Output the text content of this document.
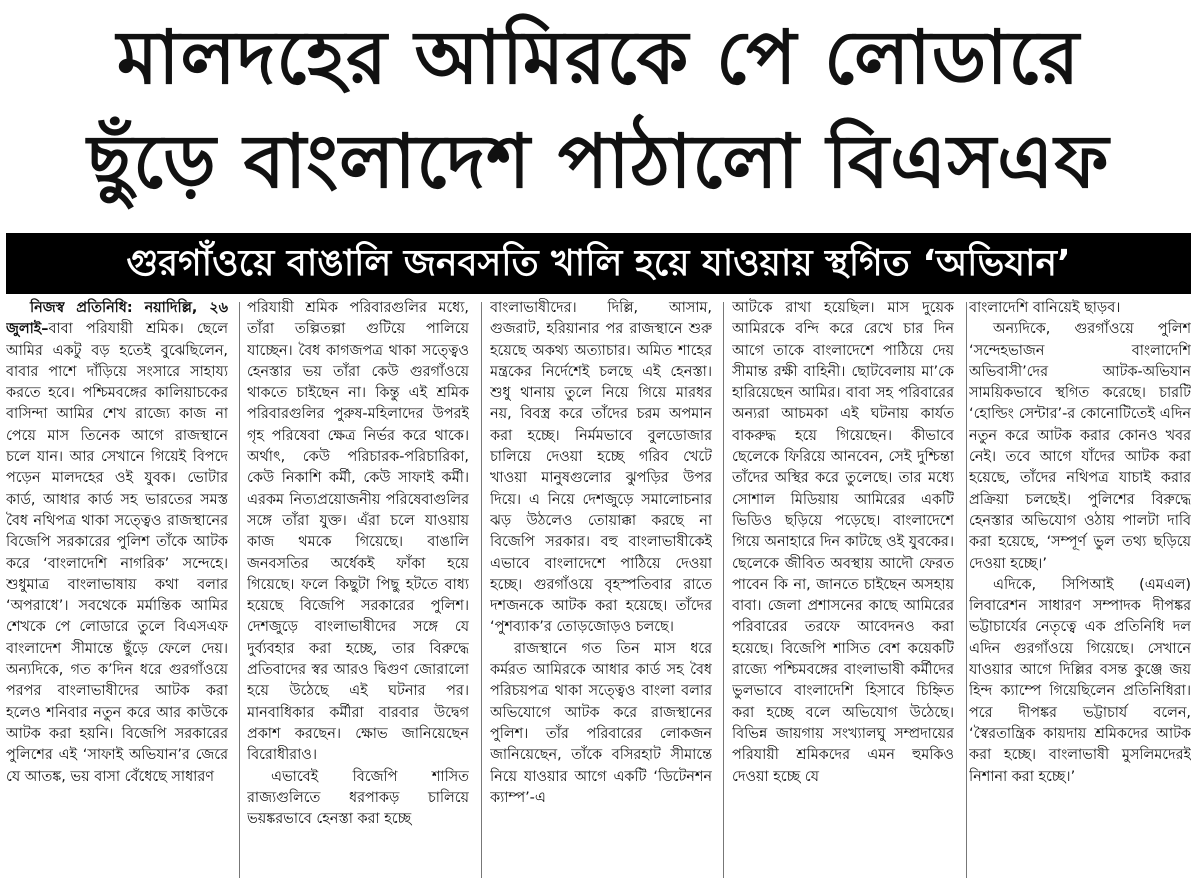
মালদহের আমিরকে পে লোডারে
ছুঁড়ে বাংলাদেশ পাঠালো বিএসএফ
গুরগাঁওয়ে বাঙালি জনবসতি খালি হয়ে যাওয়ায় স্থগিত ‘অভিযান’

নিজস্ব প্রতিনিধি: নয়াদিল্লি, ২৬ জুলাই–বাবা পরিযায়ী শ্রমিক। ছেলে আমির একটু বড় হতেই বুঝেছিলেন, বাবার পাশে দাঁড়িয়ে সংসারে সাহায্য করতে হবে। পশ্চিমবঙ্গের কালিয়াচকের বাসিন্দা আমির শেখ রাজ্যে কাজ না পেয়ে মাস তিনেক আগে রাজস্থানে চলে যান। আর সেখানে গিয়েই বিপদে পড়েন মালদহের ওই যুবক। ভোটার কার্ড, আধার কার্ড সহ ভারতের সমস্ত বৈধ নথিপত্র থাকা সত্ত্বেও রাজস্থানের বিজেপি সরকারের পুলিশ তাঁকে আটক করে ‘বাংলাদেশি নাগরিক’ সন্দেহে। শুধুমাত্র বাংলাভাষায় কথা বলার ‘অপরাধে’। সবথেকে মর্মান্তিক আমির শেখকে পে লোডারে তুলে বিএসএফ বাংলাদেশ সীমান্তে ছুঁড়ে ফেলে দেয়। অন্যদিকে, গত ক’দিন ধরে গুরগাঁওয়ে পরপর বাংলাভাষীদের আটক করা হলেও শনিবার নতুন করে আর কাউকে আটক করা হয়নি। বিজেপি সরকারের পুলিশের এই ‘সাফাই অভিযান’র জেরে যে আতঙ্ক, ভয় বাসা বেঁধেছে সাধারণ

পরিযায়ী শ্রমিক পরিবারগুলির মধ্যে, তাঁরা তল্পিতল্পা গুটিয়ে পালিয়ে যাচ্ছেন। বৈধ কাগজপত্র থাকা সত্ত্বেও হেনস্তার ভয় তাঁরা কেউ গুরগাঁওয়ে থাকতে চাইছেন না। কিন্তু এই শ্রমিক পরিবারগুলির পুরুষ-মহিলাদের উপরই গৃহ পরিষেবা ক্ষেত্র নির্ভর করে থাকে। অর্থাৎ, কেউ পরিচারক-পরিচারিকা, কেউ নিকাশি কর্মী, কেউ সাফাই কর্মী। এরকম নিত্যপ্রয়োজনীয় পরিষেবাগুলির সঙ্গে তাঁরা যুক্ত। এঁরা চলে যাওয়ায় কাজ থমকে গিয়েছে। বাঙালি জনবসতির অর্ধেকই ফাঁকা হয়ে গিয়েছে। ফলে কিছুটা পিছু হটতে বাধ্য হয়েছে বিজেপি সরকারের পুলিশ। দেশজুড়ে বাংলাভাষীদের সঙ্গে যে দুর্ব্যবহার করা হচ্ছে, তার বিরুদ্ধে প্রতিবাদের স্বর আরও দ্বিগুণ জোরালো হয়ে উঠেছে এই ঘটনার পর। মানবাধিকার কর্মীরা বারবার উদ্বেগ প্রকাশ করছেন। ক্ষোভ জানিয়েছেন বিরোধীরাও।

এভাবেই বিজেপি শাসিত রাজ্যগুলিতে ধরপাকড় চালিয়ে ভয়ঙ্করভাবে হেনস্তা করা হচ্ছে

বাংলাভাষীদের। দিল্লি, আসাম, গুজরাট, হরিয়ানার পর রাজস্থানে শুরু হয়েছে অকথ্য অত্যাচার। অমিত শাহের মন্ত্রকের নির্দেশেই চলছে এই হেনস্তা। শুধু থানায় তুলে নিয়ে গিয়ে মারধর নয়, বিবস্ত্র করে তাঁদের চরম অপমান করা হচ্ছে। নির্মমভাবে বুলডোজার চালিয়ে দেওয়া হচ্ছে গরিব খেটে খাওয়া মানুষগুলোর ঝুপড়ির উপর দিয়ে। এ নিয়ে দেশজুড়ে সমালোচনার ঝড় উঠলেও তোয়াক্কা করছে না বিজেপি সরকার। বহু বাংলাভাষীকেই এভাবে বাংলাদেশে পাঠিয়ে দেওয়া হচ্ছে। গুরগাঁওয়ে বৃহস্পতিবার রাতে দশজনকে আটক করা হয়েছে। তাঁদের ‘পুশব্যাক’র তোড়জোড়ও চলছে।

রাজস্থানে গত তিন মাস ধরে কর্মরত আমিরকে আধার কার্ড সহ বৈধ পরিচয়পত্র থাকা সত্ত্বেও বাংলা বলার অভিযোগে আটক করে রাজস্থানের পুলিশ। তাঁর পরিবারের লোকজন জানিয়েছেন, তাঁকে বসিরহাট সীমান্তে নিয়ে যাওয়ার আগে একটি ‘ডিটেনশন ক্যাম্প’-এ

আটকে রাখা হয়েছিল। মাস দুয়েক আমিরকে বন্দি করে রেখে চার দিন আগে তাকে বাংলাদেশে পাঠিয়ে দেয় সীমান্ত রক্ষী বাহিনী। ছোটবেলায় মা’কে হারিয়েছেন আমির। বাবা সহ পরিবারের অন্যরা আচমকা এই ঘটনায় কার্যত বাকরুদ্ধ হয়ে গিয়েছেন। কীভাবে ছেলেকে ফিরিয়ে আনবেন, সেই দুশ্চিন্তা তাঁদের অস্থির করে তুলেছে। তার মধ্যে সোশাল মিডিয়ায় আমিরের একটি ভিডিও ছড়িয়ে পড়েছে। বাংলাদেশে গিয়ে অনাহারে দিন কাটছে ওই যুবকের। ছেলেকে জীবিত অবস্থায় আদৌ ফেরত পাবেন কি না, জানতে চাইছেন অসহায় বাবা। জেলা প্রশাসনের কাছে আমিরের পরিবারের তরফে আবেদনও করা হয়েছে। বিজেপি শাসিত বেশ কয়েকটি রাজ্যে পশ্চিমবঙ্গের বাংলাভাষী কর্মীদের ভুলভাবে বাংলাদেশি হিসাবে চিহ্নিত করা হচ্ছে বলে অভিযোগ উঠেছে। বিভিন্ন জায়গায় সংখ্যালঘু সম্প্রদায়ের পরিযায়ী শ্রমিকদের এমন হুমকিও দেওয়া হচ্ছে যে

বাংলাদেশি বানিয়েই ছাড়ব।

অন্যদিকে, গুরগাঁওয়ে পুলিশ ‘সন্দেহভাজন বাংলাদেশি অভিবাসী’দের আটক-অভিযান সাময়িকভাবে স্থগিত করেছে। চারটি ‘হোল্ডিং সেন্টার’-র কোনোটিতেই এদিন নতুন করে আটক করার কোনও খবর নেই। তবে আগে যাঁদের আটক করা হয়েছে, তাঁদের নথিপত্র যাচাই করার প্রক্রিয়া চলছেই। পুলিশের বিরুদ্ধে হেনস্তার অভিযোগ ওঠায় পালটা দাবি করা হয়েছে, ‘সম্পূর্ণ ভুল তথ্য ছড়িয়ে দেওয়া হচ্ছে।’

এদিকে, সিপিআই (এমএল) লিবারেশন সাধারণ সম্পাদক দীপঙ্কর ভট্টাচার্যের নেতৃত্বে এক প্রতিনিধি দল এদিন গুরগাঁওয়ে গিয়েছে। সেখানে যাওয়ার আগে দিল্লির বসন্ত কুঞ্জে জয় হিন্দ ক্যাম্পে গিয়েছিলেন প্রতিনিধিরা। পরে দীপঙ্কর ভট্টাচার্য বলেন, ‘স্বৈরতান্ত্রিক কায়দায় শ্রমিকদের আটক করা হচ্ছে। বাংলাভাষী মুসলিমদেরই নিশানা করা হচ্ছে।’
